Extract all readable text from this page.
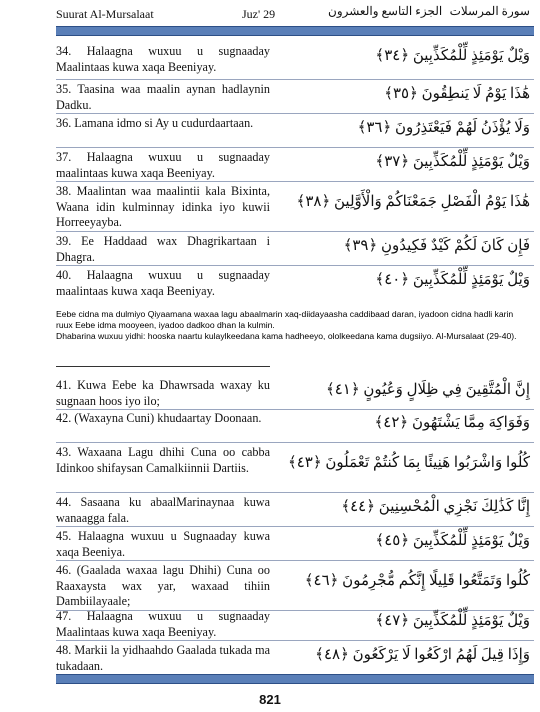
Suurat Al-Mursalaat	Juz' 29	الجزء التاسع والعشرون سورة المرسلات
34. Halaagna wuxuu u sugnaaday Maalintaas kuwa xaqa Beeniyay.
وَيْلٌ يَوْمَئِذٍ لِّلْمُكَذِّبِينَ ﴿٣٤﴾
35. Taasina waa maalin aynan hadlaynin Dadku.
هَٰذَا يَوْمُ لَا يَنطِقُونَ ﴿٣٥﴾
36. Lamana idmo si Ay u cudurdaartaan.	وَلَا يُؤْذَنُ لَهُمْ فَيَعْتَذِرُونَ ﴿٣٦﴾
37. Halaagna wuxuu u sugnaaday maalintaas kuwa xaqa Beeniyay.
وَيْلٌ يَوْمَئِذٍ لِّلْمُكَذِّبِينَ ﴿٣٧﴾
38. Maalintan waa maalintii kala Bixinta, Waana idin kulminnay idinka iyo kuwii Horreeyayba.
هَٰذَا يَوْمُ الْفَصْلِ جَمَعْنَاكُمْ وَالْأَوَّلِينَ ﴿٣٨﴾
39. Ee Haddaad wax Dhagrikartaan i Dhagra.
فَإِن كَانَ لَكُمْ كَيْدٌ فَكِيدُونِ ﴿٣٩﴾
40. Halaagna wuxuu u sugnaaday maalintaas kuwa xaqa Beeniyay.
وَيْلٌ يَوْمَئِذٍ لِّلْمُكَذِّبِينَ ﴿٤٠﴾

Eebe cidna ma dulmiyo Qiyaamana waxaa lagu abaalmarin xaq-diidayaasha caddibaad daran, iyadoon cidna hadli karin ruux Eebe idma mooyeen, iyadoo dadkoo dhan la kulmin.

Dhabarina wuxuu yidhi: hooska naartu kulaylkeedana kama hadheeyo, ololkeedana kama dugsiiyo. Al-Mursalaat (29-40).

41. Kuwa Eebe ka Dhawrsada waxay ku sugnaan hoos iyo ilo;
إِنَّ الْمُتَّقِينَ فِي ظِلَالٍ وَعُيُونٍ ﴿٤١﴾
42. (Waxayna Cuni) khudaartay Doonaan.	وَفَوَاكِهَ مِمَّا يَشْتَهُونَ ﴿٤٢﴾
43. Waxaana Lagu dhihi Cuna oo cabba Idinkoo shifaysan Camalkiinnii Dartiis.	كُلُوا وَاشْرَبُوا هَنِيئًا بِمَا كُنتُمْ تَعْمَلُونَ ﴿٤٣﴾
44. Sasaana ku abaalMarinaynaa kuwa wanaagga fala.
إِنَّا كَذَٰلِكَ نَجْزِي الْمُحْسِنِينَ ﴿٤٤﴾
45. Halaagna wuxuu u Sugnaaday kuwa xaqa Beeniya.
وَيْلٌ يَوْمَئِذٍ لِّلْمُكَذِّبِينَ ﴿٤٥﴾
46. (Gaalada waxaa lagu Dhihi) Cuna oo Raaxaysta wax yar, waxaad tihiin Dambiilayaale;
كُلُوا وَتَمَتَّعُوا قَلِيلًا إِنَّكُم مُّجْرِمُونَ ﴿٤٦﴾
47. Halaagna wuxuu u sugnaaday Maalintaas kuwa xaqa Beeniyay.
وَيْلٌ يَوْمَئِذٍ لِّلْمُكَذِّبِينَ ﴿٤٧﴾
48. Markii la yidhaahdo Gaalada tukada ma tukadaan.
وَإِذَا قِيلَ لَهُمُ ارْكَعُوا لَا يَرْكَعُونَ ﴿٤٨﴾
821
